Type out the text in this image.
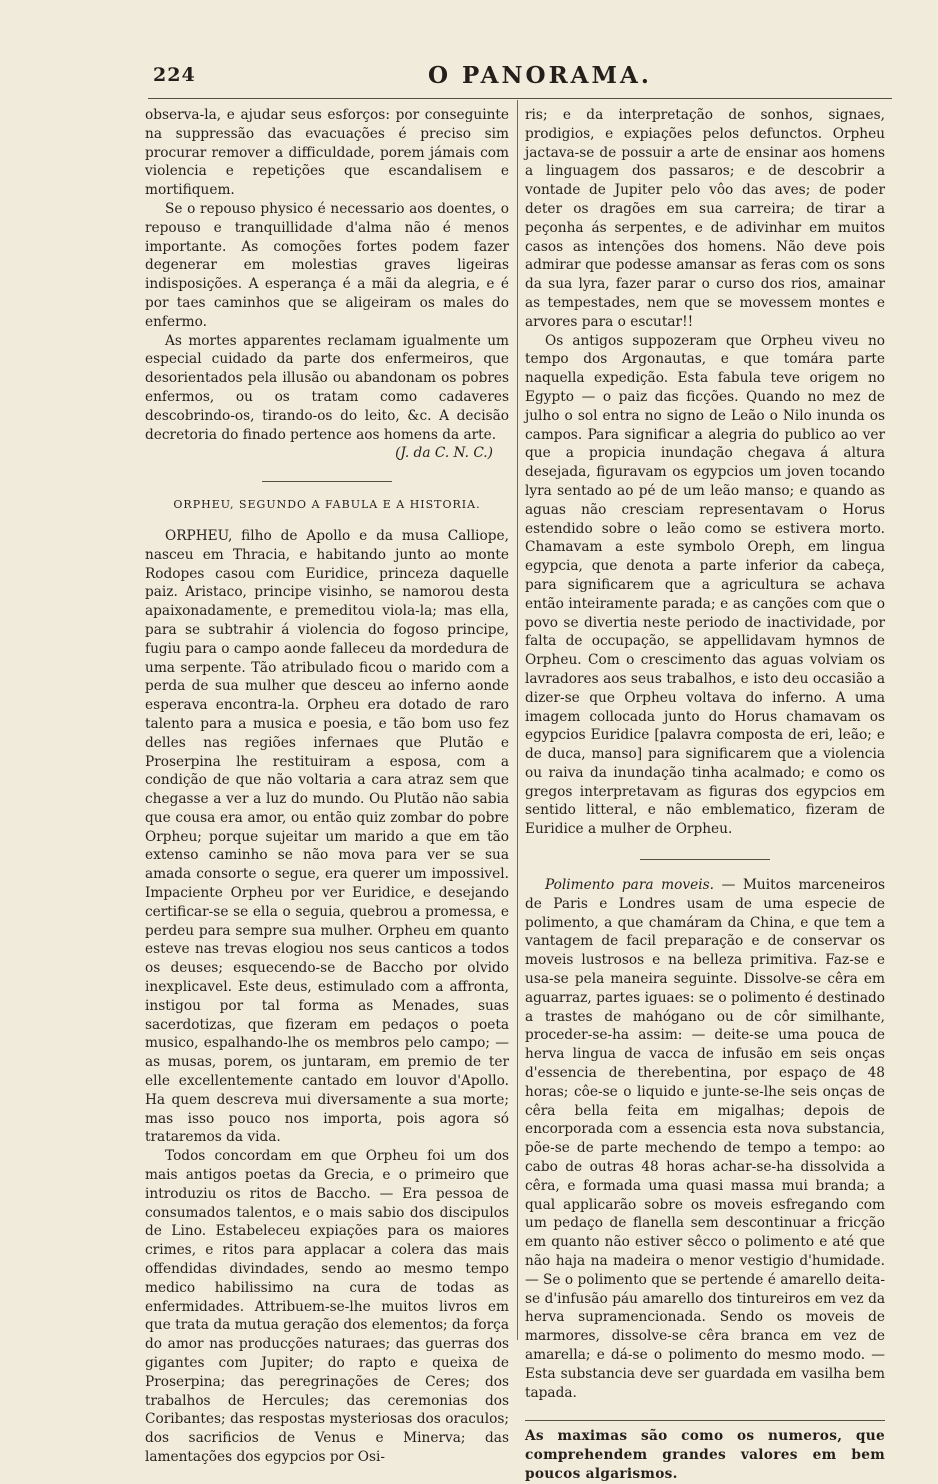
224	O PANORAMA.

observa-la, e ajudar seus esforços: por conseguinte na suppressão das evacuações é preciso sim procurar remover a difficuldade, porem jámais com violencia e repetições que escandalisem e mortifiquem.

Se o repouso physico é necessario aos doentes, o repouso e tranquillidade d'alma não é menos importante. As comoções fortes podem fazer degenerar em molestias graves ligeiras indisposições. A esperança é a mãi da alegria, e é por taes caminhos que se aligeiram os males do enfermo.

As mortes apparentes reclamam igualmente um especial cuidado da parte dos enfermeiros, que desorientados pela illusão ou abandonam os pobres enfermos, ou os tratam como cadaveres descobrindo-os, tirando-os do leito, &c. A decisão decretoria do finado pertence aos homens da arte.

(J. da C. N. C.)
ORPHEU, SEGUNDO A FABULA E A HISTORIA.

ORPHEU, filho de Apollo e da musa Calliope, nasceu em Thracia, e habitando junto ao monte Rodopes casou com Euridice, princeza daquelle paiz. Aristaco, principe visinho, se namorou desta apaixonadamente, e premeditou viola-la; mas ella, para se subtrahir á violencia do fogoso principe, fugiu para o campo aonde falleceu da mordedura de uma serpente. Tão atribulado ficou o marido com a perda de sua mulher que desceu ao inferno aonde esperava encontra-la. Orpheu era dotado de raro talento para a musica e poesia, e tão bom uso fez delles nas regiões infernaes que Plutão e Proserpina lhe restituiram a esposa, com a condição de que não voltaria a cara atraz sem que chegasse a ver a luz do mundo. Ou Plutão não sabia que cousa era amor, ou então quiz zombar do pobre Orpheu; porque sujeitar um marido a que em tão extenso caminho se não mova para ver se sua amada consorte o segue, era querer um impossivel. Impaciente Orpheu por ver Euridice, e desejando certificar-se se ella o seguia, quebrou a promessa, e perdeu para sempre sua mulher. Orpheu em quanto esteve nas trevas elogiou nos seus canticos a todos os deuses; esquecendo-se de Baccho por olvido inexplicavel. Este deus, estimulado com a affronta, instigou por tal forma as Menades, suas sacerdotizas, que fizeram em pedaços o poeta musico, espalhando-lhe os membros pelo campo; — as musas, porem, os juntaram, em premio de ter elle excellentemente cantado em louvor d'Apollo. Ha quem descreva mui diversamente a sua morte; mas isso pouco nos importa, pois agora só trataremos da vida.

Todos concordam em que Orpheu foi um dos mais antigos poetas da Grecia, e o primeiro que introduziu os ritos de Baccho. — Era pessoa de consumados talentos, e o mais sabio dos discipulos de Lino. Estabeleceu expiações para os maiores crimes, e ritos para applacar a colera das mais offendidas divindades, sendo ao mesmo tempo medico habilissimo na cura de todas as enfermidades. Attribuem-se-lhe muitos livros em que trata da mutua geração dos elementos; da força do amor nas producções naturaes; das guerras dos gigantes com Jupiter; do rapto e queixa de Proserpina; das peregrinações de Ceres; dos trabalhos de Hercules; das ceremonias dos Coribantes; das respostas mysteriosas dos oraculos; dos sacrificios de Venus e Minerva; das lamentações dos egypcios por Osi-

ris; e da interpretação de sonhos, signaes, prodigios, e expiações pelos defunctos. Orpheu jactava-se de possuir a arte de ensinar aos homens a linguagem dos passaros; e de descobrir a vontade de Jupiter pelo vôo das aves; de poder deter os dragões em sua carreira; de tirar a peçonha ás serpentes, e de adivinhar em muitos casos as intenções dos homens. Não deve pois admirar que podesse amansar as feras com os sons da sua lyra, fazer parar o curso dos rios, amainar as tempestades, nem que se movessem montes e arvores para o escutar!!

Os antigos suppozeram que Orpheu viveu no tempo dos Argonautas, e que tomára parte naquella expedição. Esta fabula teve origem no Egypto — o paiz das ficções. Quando no mez de julho o sol entra no signo de Leão o Nilo inunda os campos. Para significar a alegria do publico ao ver que a propicia inundação chegava á altura desejada, figuravam os egypcios um joven tocando lyra sentado ao pé de um leão manso; e quando as aguas não cresciam representavam o Horus estendido sobre o leão como se estivera morto. Chamavam a este symbolo Oreph, em lingua egypcia, que denota a parte inferior da cabeça, para significarem que a agricultura se achava então inteiramente parada; e as canções com que o povo se divertia neste periodo de inactividade, por falta de occupação, se appellidavam hymnos de Orpheu. Com o crescimento das aguas volviam os lavradores aos seus trabalhos, e isto deu occasião a dizer-se que Orpheu voltava do inferno. A uma imagem collocada junto do Horus chamavam os egypcios Euridice [palavra composta de eri, leão; e de duca, manso] para significarem que a violencia ou raiva da inundação tinha acalmado; e como os gregos interpretavam as figuras dos egypcios em sentido litteral, e não emblematico, fizeram de Euridice a mulher de Orpheu.

Polimento para moveis. — Muitos marceneiros de Paris e Londres usam de uma especie de polimento, a que chamáram da China, e que tem a vantagem de facil preparação e de conservar os moveis lustrosos e na belleza primitiva. Faz-se e usa-se pela maneira seguinte. Dissolve-se cêra em aguarraz, partes iguaes: se o polimento é destinado a trastes de mahógano ou de côr similhante, proceder-se-ha assim: — deite-se uma pouca de herva lingua de vacca de infusão em seis onças d'essencia de therebentina, por espaço de 48 horas; côe-se o liquido e junte-se-lhe seis onças de cêra bella feita em migalhas; depois de encorporada com a essencia esta nova substancia, põe-se de parte mechendo de tempo a tempo: ao cabo de outras 48 horas achar-se-ha dissolvida a cêra, e formada uma quasi massa mui branda; a qual applicarão sobre os moveis esfregando com um pedaço de flanella sem descontinuar a fricção em quanto não estiver sêcco o polimento e até que não haja na madeira o menor vestigio d'humidade. — Se o polimento que se pertende é amarello deita-se d'infusão páu amarello dos tintureiros em vez da herva supramencionada. Sendo os moveis de marmores, dissolve-se cêra branca em vez de amarella; e dá-se o polimento do mesmo modo. — Esta substancia deve ser guardada em vasilha bem tapada.

As maximas são como os numeros, que comprehendem grandes valores em bem poucos algarismos.
